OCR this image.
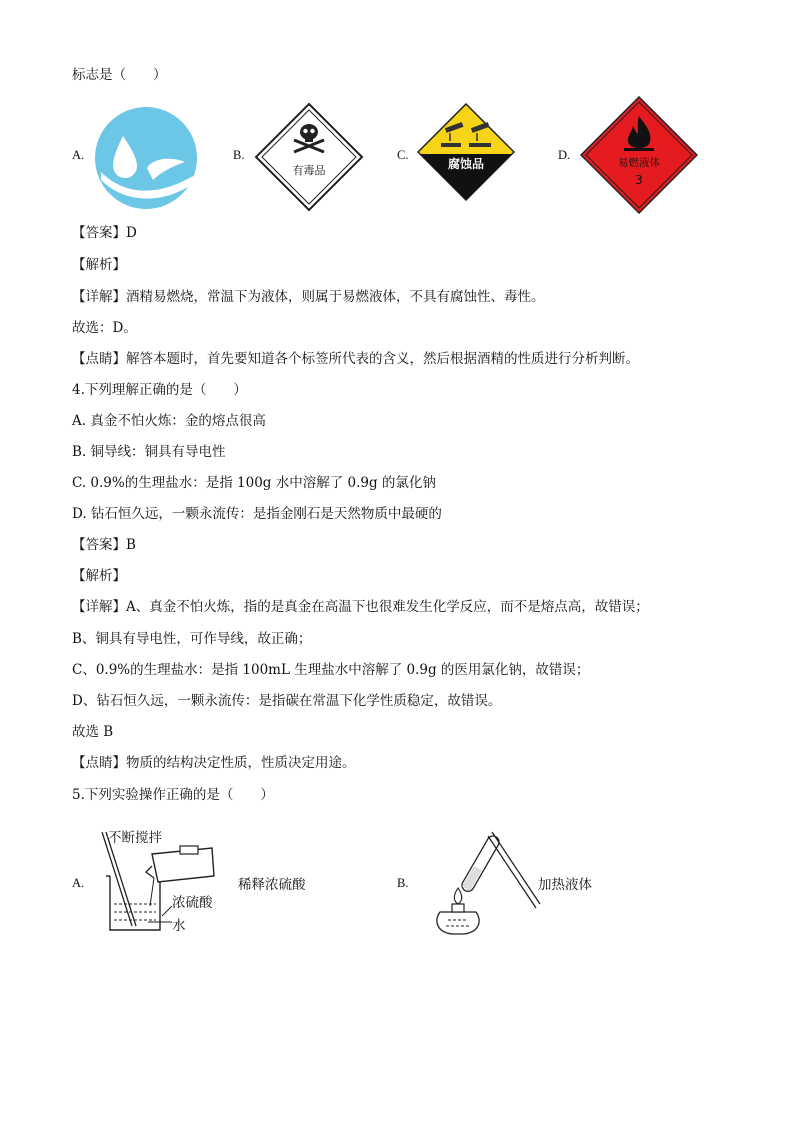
标志是（　　）
A.	B.
有毒品
C.
腐蚀品
D.
易燃液体
3
【答案】D
【解析】
【详解】酒精易燃烧，常温下为液体，则属于易燃液体，不具有腐蚀性、毒性。
故选：D。
【点睛】解答本题时，首先要知道各个标签所代表的含义，然后根据酒精的性质进行分析判断。
4.下列理解正确的是（　　）
A. 真金不怕火炼：金的熔点很高
B. 铜导线：铜具有导电性
C. 0.9%的生理盐水：是指 100g 水中溶解了 0.9g 的氯化钠
D. 钻石恒久远，一颗永流传：是指金刚石是天然物质中最硬的
【答案】B
【解析】
【详解】A、真金不怕火炼，指的是真金在高温下也很难发生化学反应，而不是熔点高，故错误；
B、铜具有导电性，可作导线，故正确；
C、0.9%的生理盐水：是指 100mL 生理盐水中溶解了 0.9g 的医用氯化钠，故错误；
D、钻石恒久远，一颗永流传：是指碳在常温下化学性质稳定，故错误。
故选 B
【点睛】物质的结构决定性质，性质决定用途。
5.下列实验操作正确的是（　　）
A.
不断搅拌
浓硫酸
水
稀释浓硫酸	B.	加热液体
